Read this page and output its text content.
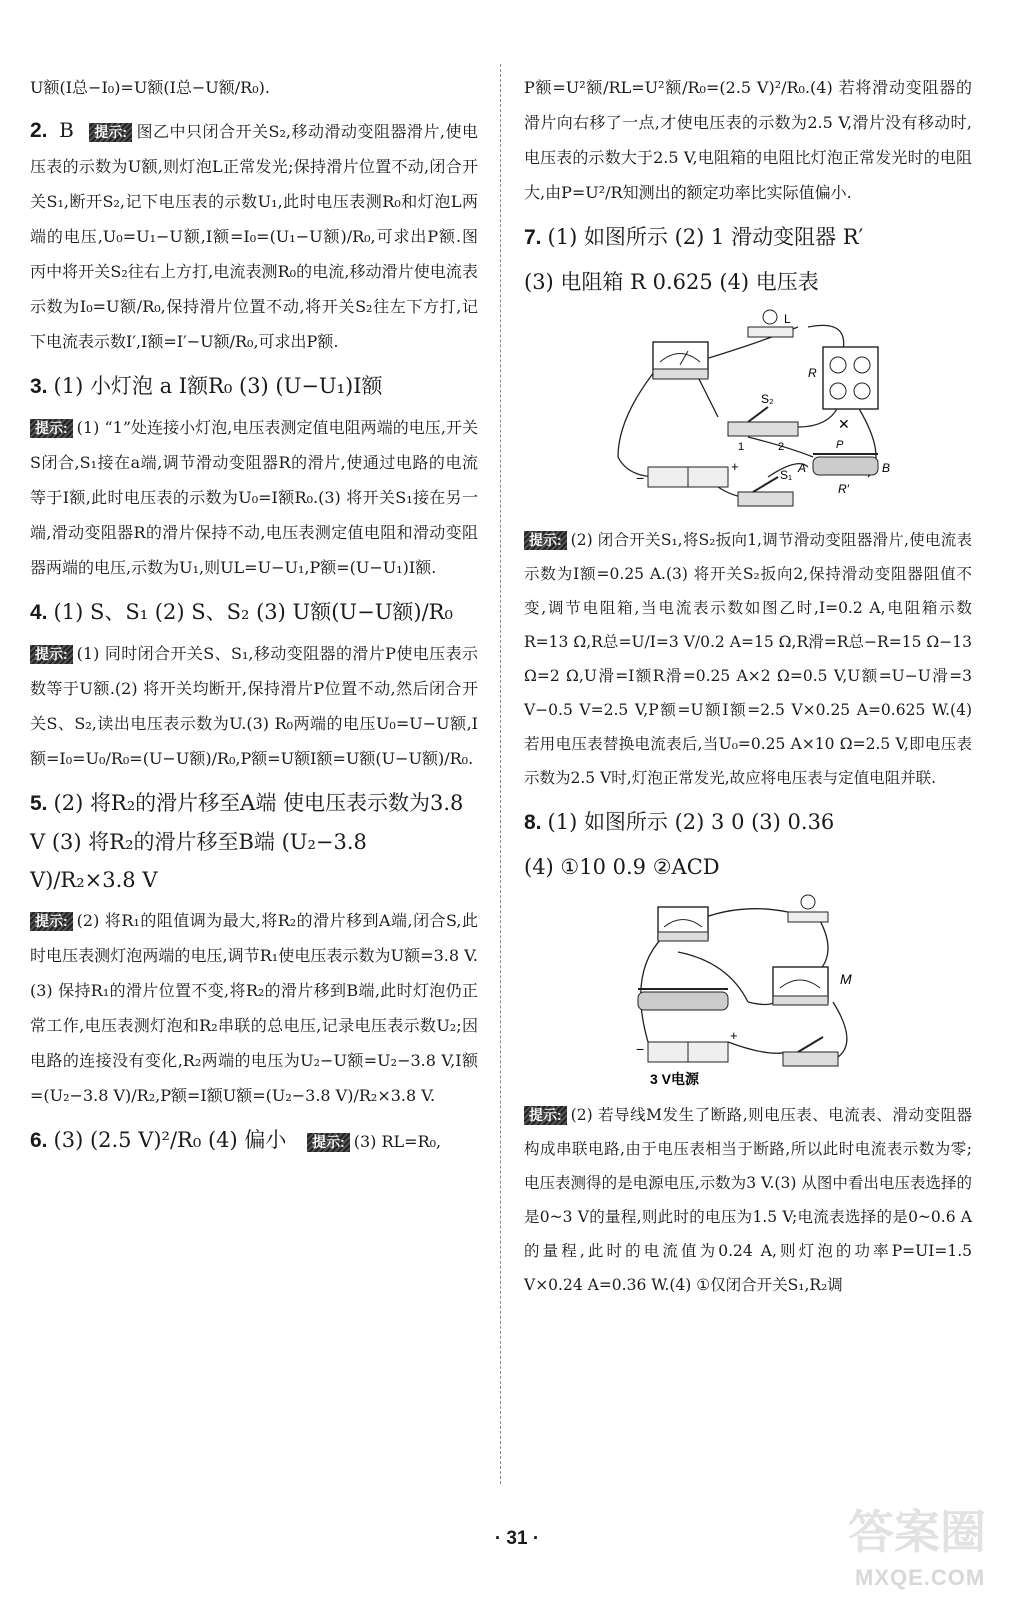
U额(I总−I₀)=U额(I总−U额/R₀).

2. B 提示: 图乙中只闭合开关S₂,移动滑动变阻器滑片,使电压表的示数为U额,则灯泡L正常发光;保持滑片位置不动,闭合开关S₁,断开S₂,记下电压表的示数U₁,此时电压表测R₀和灯泡L两端的电压,U₀=U₁−U额,I额=I₀=(U₁−U额)/R₀,可求出P额.图丙中将开关S₂往右上方打,电流表测R₀的电流,移动滑片使电流表示数为I₀=U额/R₀,保持滑片位置不动,将开关S₂往左下方打,记下电流表示数I′,I额=I′−U额/R₀,可求出P额.

3. (1) 小灯泡 a I额R₀ (3) (U−U₁)I额

提示: (1) “1”处连接小灯泡,电压表测定值电阻两端的电压,开关S闭合,S₁接在a端,调节滑动变阻器R的滑片,使通过电路的电流等于I额,此时电压表的示数为U₀=I额R₀.(3) 将开关S₁接在另一端,滑动变阻器R的滑片保持不动,电压表测定值电阻和滑动变阻器两端的电压,示数为U₁,则UL=U−U₁,P额=(U−U₁)I额.

4. (1) S、S₁ (2) S、S₂ (3) U额(U−U额)/R₀

提示: (1) 同时闭合开关S、S₁,移动变阻器的滑片P使电压表示数等于U额.(2) 将开关均断开,保持滑片P位置不动,然后闭合开关S、S₂,读出电压表示数为U.(3) R₀两端的电压U₀=U−U额,I额=I₀=U₀/R₀=(U−U额)/R₀,P额=U额I额=U额(U−U额)/R₀.

5. (2) 将R₂的滑片移至A端 使电压表示数为3.8 V (3) 将R₂的滑片移至B端 (U₂−3.8 V)/R₂×3.8 V

提示: (2) 将R₁的阻值调为最大,将R₂的滑片移到A端,闭合S,此时电压表测灯泡两端的电压,调节R₁使电压表示数为U额=3.8 V.(3) 保持R₁的滑片位置不变,将R₂的滑片移到B端,此时灯泡仍正常工作,电压表测灯泡和R₂串联的总电压,记录电压表示数U₂;因电路的连接没有变化,R₂两端的电压为U₂−U额=U₂−3.8 V,I额=(U₂−3.8 V)/R₂,P额=I额U额=(U₂−3.8 V)/R₂×3.8 V.

6. (3) (2.5 V)²/R₀ (4) 偏小 提示: (3) RL=R₀,

P额=U²额/RL=U²额/R₀=(2.5 V)²/R₀.(4) 若将滑动变阻器的滑片向右移了一点,才使电压表的示数为2.5 V,滑片没有移动时,电压表的示数大于2.5 V,电阻箱的电阻比灯泡正常发光时的电阻大,由P=U²/R知测出的额定功率比实际值偏小.

7. (1) 如图所示 (2) 1 滑动变阻器 R′
(3) 电阻箱 R 0.625 (4) 电压表
L
R
S₂
1	2
−
+
S₁ A	B
P
R′
✕

提示: (2) 闭合开关S₁,将S₂扳向1,调节滑动变阻器滑片,使电流表示数为I额=0.25 A.(3) 将开关S₂扳向2,保持滑动变阻器阻值不变,调节电阻箱,当电流表示数如图乙时,I=0.2 A,电阻箱示数R=13 Ω,R总=U/I=3 V/0.2 A=15 Ω,R滑=R总−R=15 Ω−13 Ω=2 Ω,U滑=I额R滑=0.25 A×2 Ω=0.5 V,U额=U−U滑=3 V−0.5 V=2.5 V,P额=U额I额=2.5 V×0.25 A=0.625 W.(4) 若用电压表替换电流表后,当U₀=0.25 A×10 Ω=2.5 V,即电压表示数为2.5 V时,灯泡正常发光,故应将电压表与定值电阻并联.

8. (1) 如图所示 (2) 3 0 (3) 0.36
(4) ①10 0.9 ②ACD
M
−
+
3 V电源

提示: (2) 若导线M发生了断路,则电压表、电流表、滑动变阻器构成串联电路,由于电压表相当于断路,所以此时电流表示数为零;电压表测得的是电源电压,示数为3 V.(3) 从图中看出电压表选择的是0~3 V的量程,则此时的电压为1.5 V;电流表选择的是0~0.6 A的量程,此时的电流值为0.24 A,则灯泡的功率P=UI=1.5 V×0.24 A=0.36 W.(4) ①仅闭合开关S₁,R₂调

· 31 ·	答案圈
MXQE.COM
